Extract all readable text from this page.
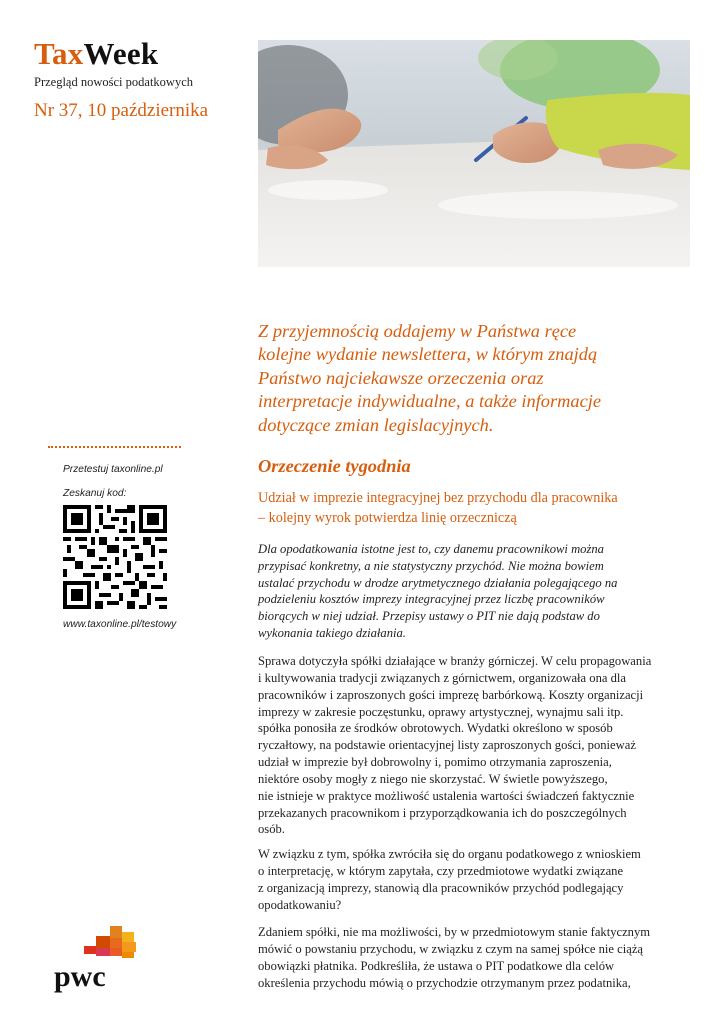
TaxWeek
Przegląd nowości podatkowych
Nr 37, 10 października
Z przyjemnością oddajemy w Państwa ręce
kolejne wydanie newslettera, w którym znajdą
Państwo najciekawsze orzeczenia oraz
interpretacje indywidualne, a także informacje
dotyczące zmian legislacyjnych.
Przetestuj taxonline.pl
Zeskanuj kod:
www.taxonline.pl/testowy
Orzeczenie tygodnia
Udział w imprezie integracyjnej bez przychodu dla pracownika
– kolejny wyrok potwierdza linię orzeczniczą
Dla opodatkowania istotne jest to, czy danemu pracownikowi można
przypisać konkretny, a nie statystyczny przychód. Nie można bowiem
ustalać przychodu w drodze arytmetycznego działania polegającego na
podzieleniu kosztów imprezy integracyjnej przez liczbę pracowników
biorących w niej udział. Przepisy ustawy o PIT nie dają podstaw do
wykonania takiego działania.
Sprawa dotyczyła spółki działające w branży górniczej. W celu propagowania
i kultywowania tradycji związanych z górnictwem, organizowała ona dla
pracowników i zaproszonych gości imprezę barbórkową. Koszty organizacji
imprezy w zakresie poczęstunku, oprawy artystycznej, wynajmu sali itp.
spółka ponosiła ze środków obrotowych. Wydatki określono w sposób
ryczałtowy, na podstawie orientacyjnej listy zaproszonych gości, ponieważ
udział w imprezie był dobrowolny i, pomimo otrzymania zaproszenia,
niektóre osoby mogły z niego nie skorzystać. W świetle powyższego,
nie istnieje w praktyce możliwość ustalenia wartości świadczeń faktycznie
przekazanych pracownikom i przyporządkowania ich do poszczególnych
osób.
W związku z tym, spółka zwróciła się do organu podatkowego z wnioskiem
o interpretację, w którym zapytała, czy przedmiotowe wydatki związane
z organizacją imprezy, stanowią dla pracowników przychód podlegający
opodatkowaniu?
Zdaniem spółki, nie ma możliwości, by w przedmiotowym stanie faktycznym
mówić o powstaniu przychodu, w związku z czym na samej spółce nie ciążą
obowiązki płatnika. Podkreśliła, że ustawa o PIT podatkowe dla celów
określenia przychodu mówią o przychodzie otrzymanym przez podatnika,
pwc
